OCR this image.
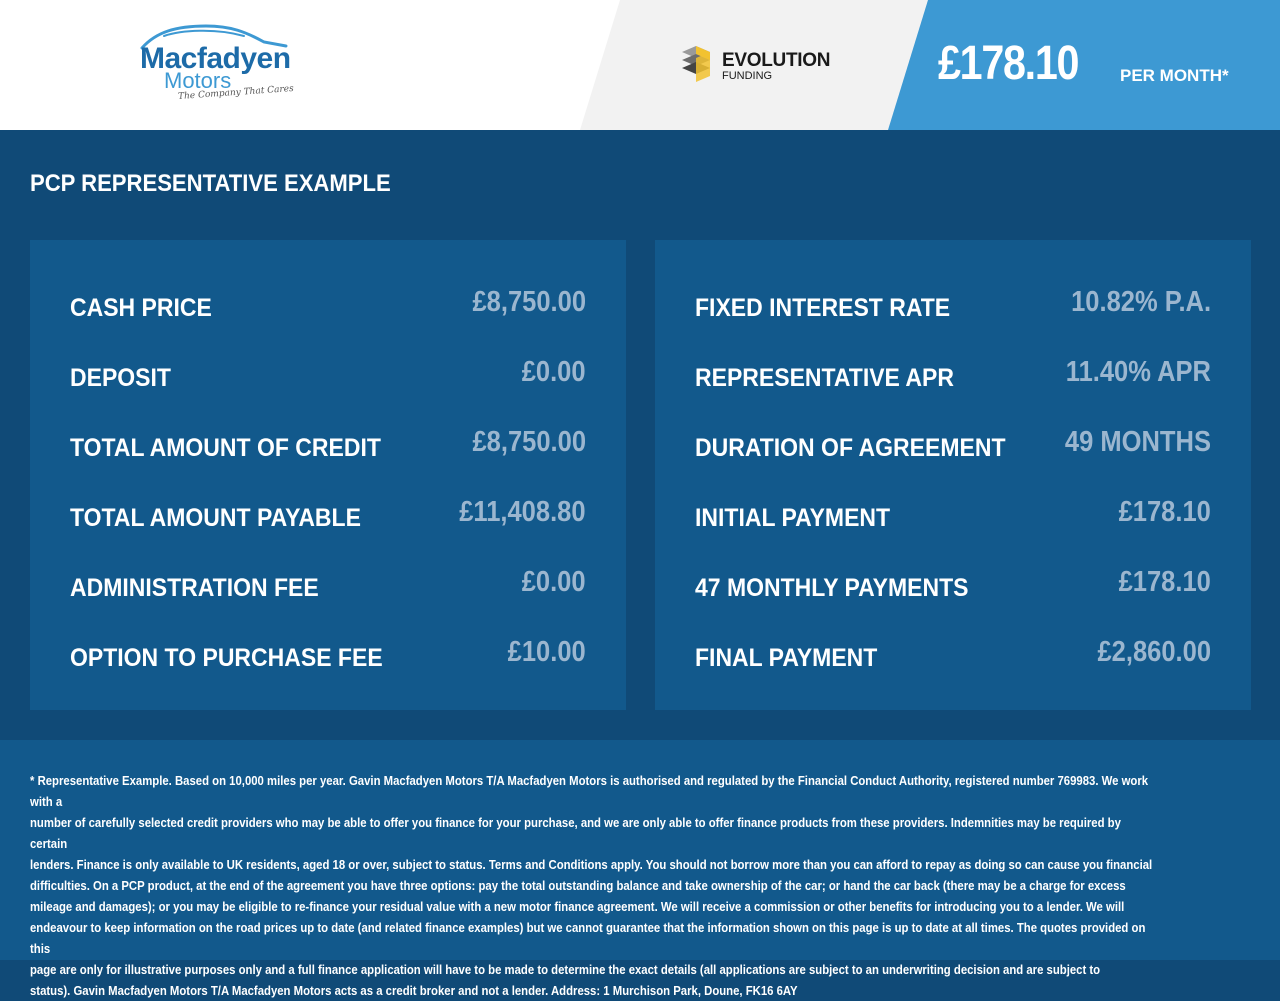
Macfadyen
Motors
The Company That Cares
EVOLUTION
FUNDING	£178.10 PER MONTH*
PCP REPRESENTATIVE EXAMPLE
CASH PRICE	£8,750.00
DEPOSIT	£0.00
TOTAL AMOUNT OF CREDIT	£8,750.00
TOTAL AMOUNT PAYABLE	£11,408.80
ADMINISTRATION FEE	£0.00
OPTION TO PURCHASE FEE	£10.00
FIXED INTEREST RATE	10.82% P.A.
REPRESENTATIVE APR	11.40% APR
DURATION OF AGREEMENT 49 MONTHS
INITIAL PAYMENT	£178.10
47 MONTHLY PAYMENTS	£178.10
FINAL PAYMENT	£2,860.00
* Representative Example. Based on 10,000 miles per year. Gavin Macfadyen Motors T/A Macfadyen Motors is authorised and regulated by the Financial Conduct Authority, registered number 769983. We work with a
number of carefully selected credit providers who may be able to offer you finance for your purchase, and we are only able to offer finance products from these providers. Indemnities may be required by certain
lenders. Finance is only available to UK residents, aged 18 or over, subject to status. Terms and Conditions apply. You should not borrow more than you can afford to repay as doing so can cause you financial
difficulties. On a PCP product, at the end of the agreement you have three options: pay the total outstanding balance and take ownership of the car; or hand the car back (there may be a charge for excess
mileage and damages); or you may be eligible to re-finance your residual value with a new motor finance agreement. We will receive a commission or other benefits for introducing you to a lender. We will
endeavour to keep information on the road prices up to date (and related finance examples) but we cannot guarantee that the information shown on this page is up to date at all times. The quotes provided on this
page are only for illustrative purposes only and a full finance application will have to be made to determine the exact details (all applications are subject to an underwriting decision and are subject to
status). Gavin Macfadyen Motors T/A Macfadyen Motors acts as a credit broker and not a lender. Address: 1 Murchison Park, Doune, FK16 6AY
